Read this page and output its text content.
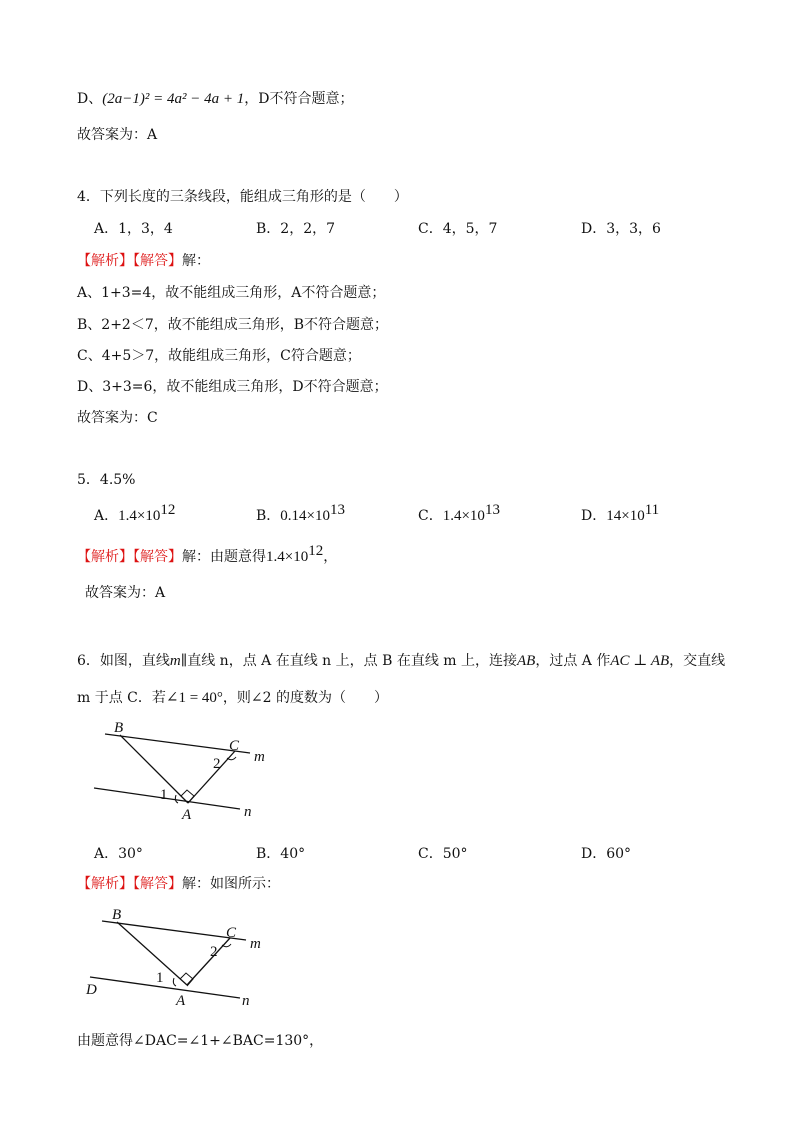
D、(2a−1)² = 4a² − 4a + 1，D不符合题意；
故答案为：A
4．下列长度的三条线段，能组成三角形的是（　　）
A．1，3，4	B．2，2，7	C．4，5，7	D．3，3，6
【解析】【解答】解：
A、1+3=4，故不能组成三角形，A不符合题意；
B、2+2＜7，故不能组成三角形，B不符合题意；
C、4+5＞7，故能组成三角形，C符合题意；
D、3+3=6，故不能组成三角形，D不符合题意；
故答案为：C
5．4.5%
A．$1.4\times 10^{12}$	B．$0.14\times 10^{13}$	C．$1.4\times 10^{13}$	D．$14\times 10^{11}$
【解析】【解答】解：由题意得$1.4\times 10^{12}$，
故答案为：A
6．如图，直线m∥直线 n，点 A 在直线 n 上，点 B 在直线 m 上，连接AB，过点 A 作AC ⊥ AB，交直线
m 于点 C．若∠1 = 40°，则∠2 的度数为（　　）
B
C
m
n
A
1
2
A．30°	B．40°	C．50°	D．60°
【解析】【解答】解：如图所示：
B
C
m
n
A
1
2
D
由题意得∠DAC=∠1+∠BAC=130°，
